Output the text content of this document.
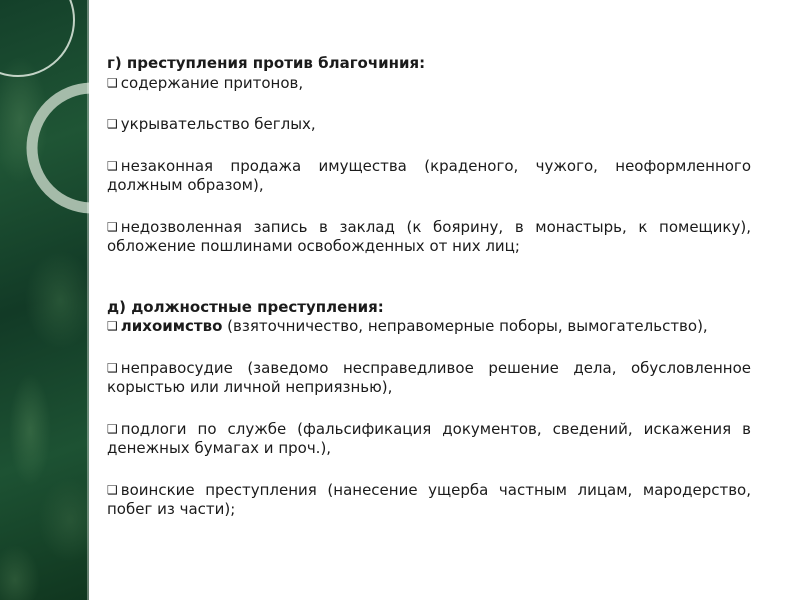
г) преступления против благочиния:

❑ содержание притонов,

❑ укрывательство беглых,

❑ незаконная продажа имущества (краденого, чужого, неоформленного должным образом),

❑ недозволенная запись в заклад (к боярину, в монастырь, к помещику), обложение пошлинами освобожденных от них лиц;

д) должностные преступления:

❑ лихоимство (взяточничество, неправомерные поборы, вымогательство),

❑ неправосудие (заведомо несправедливое решение дела, обусловленное корыстью или личной неприязнью),

❑ подлоги по службе (фальсификация документов, сведений, искажения в денежных бумагах и проч.),

❑ воинские преступления (нанесение ущерба частным лицам, мародерство, побег из части);
